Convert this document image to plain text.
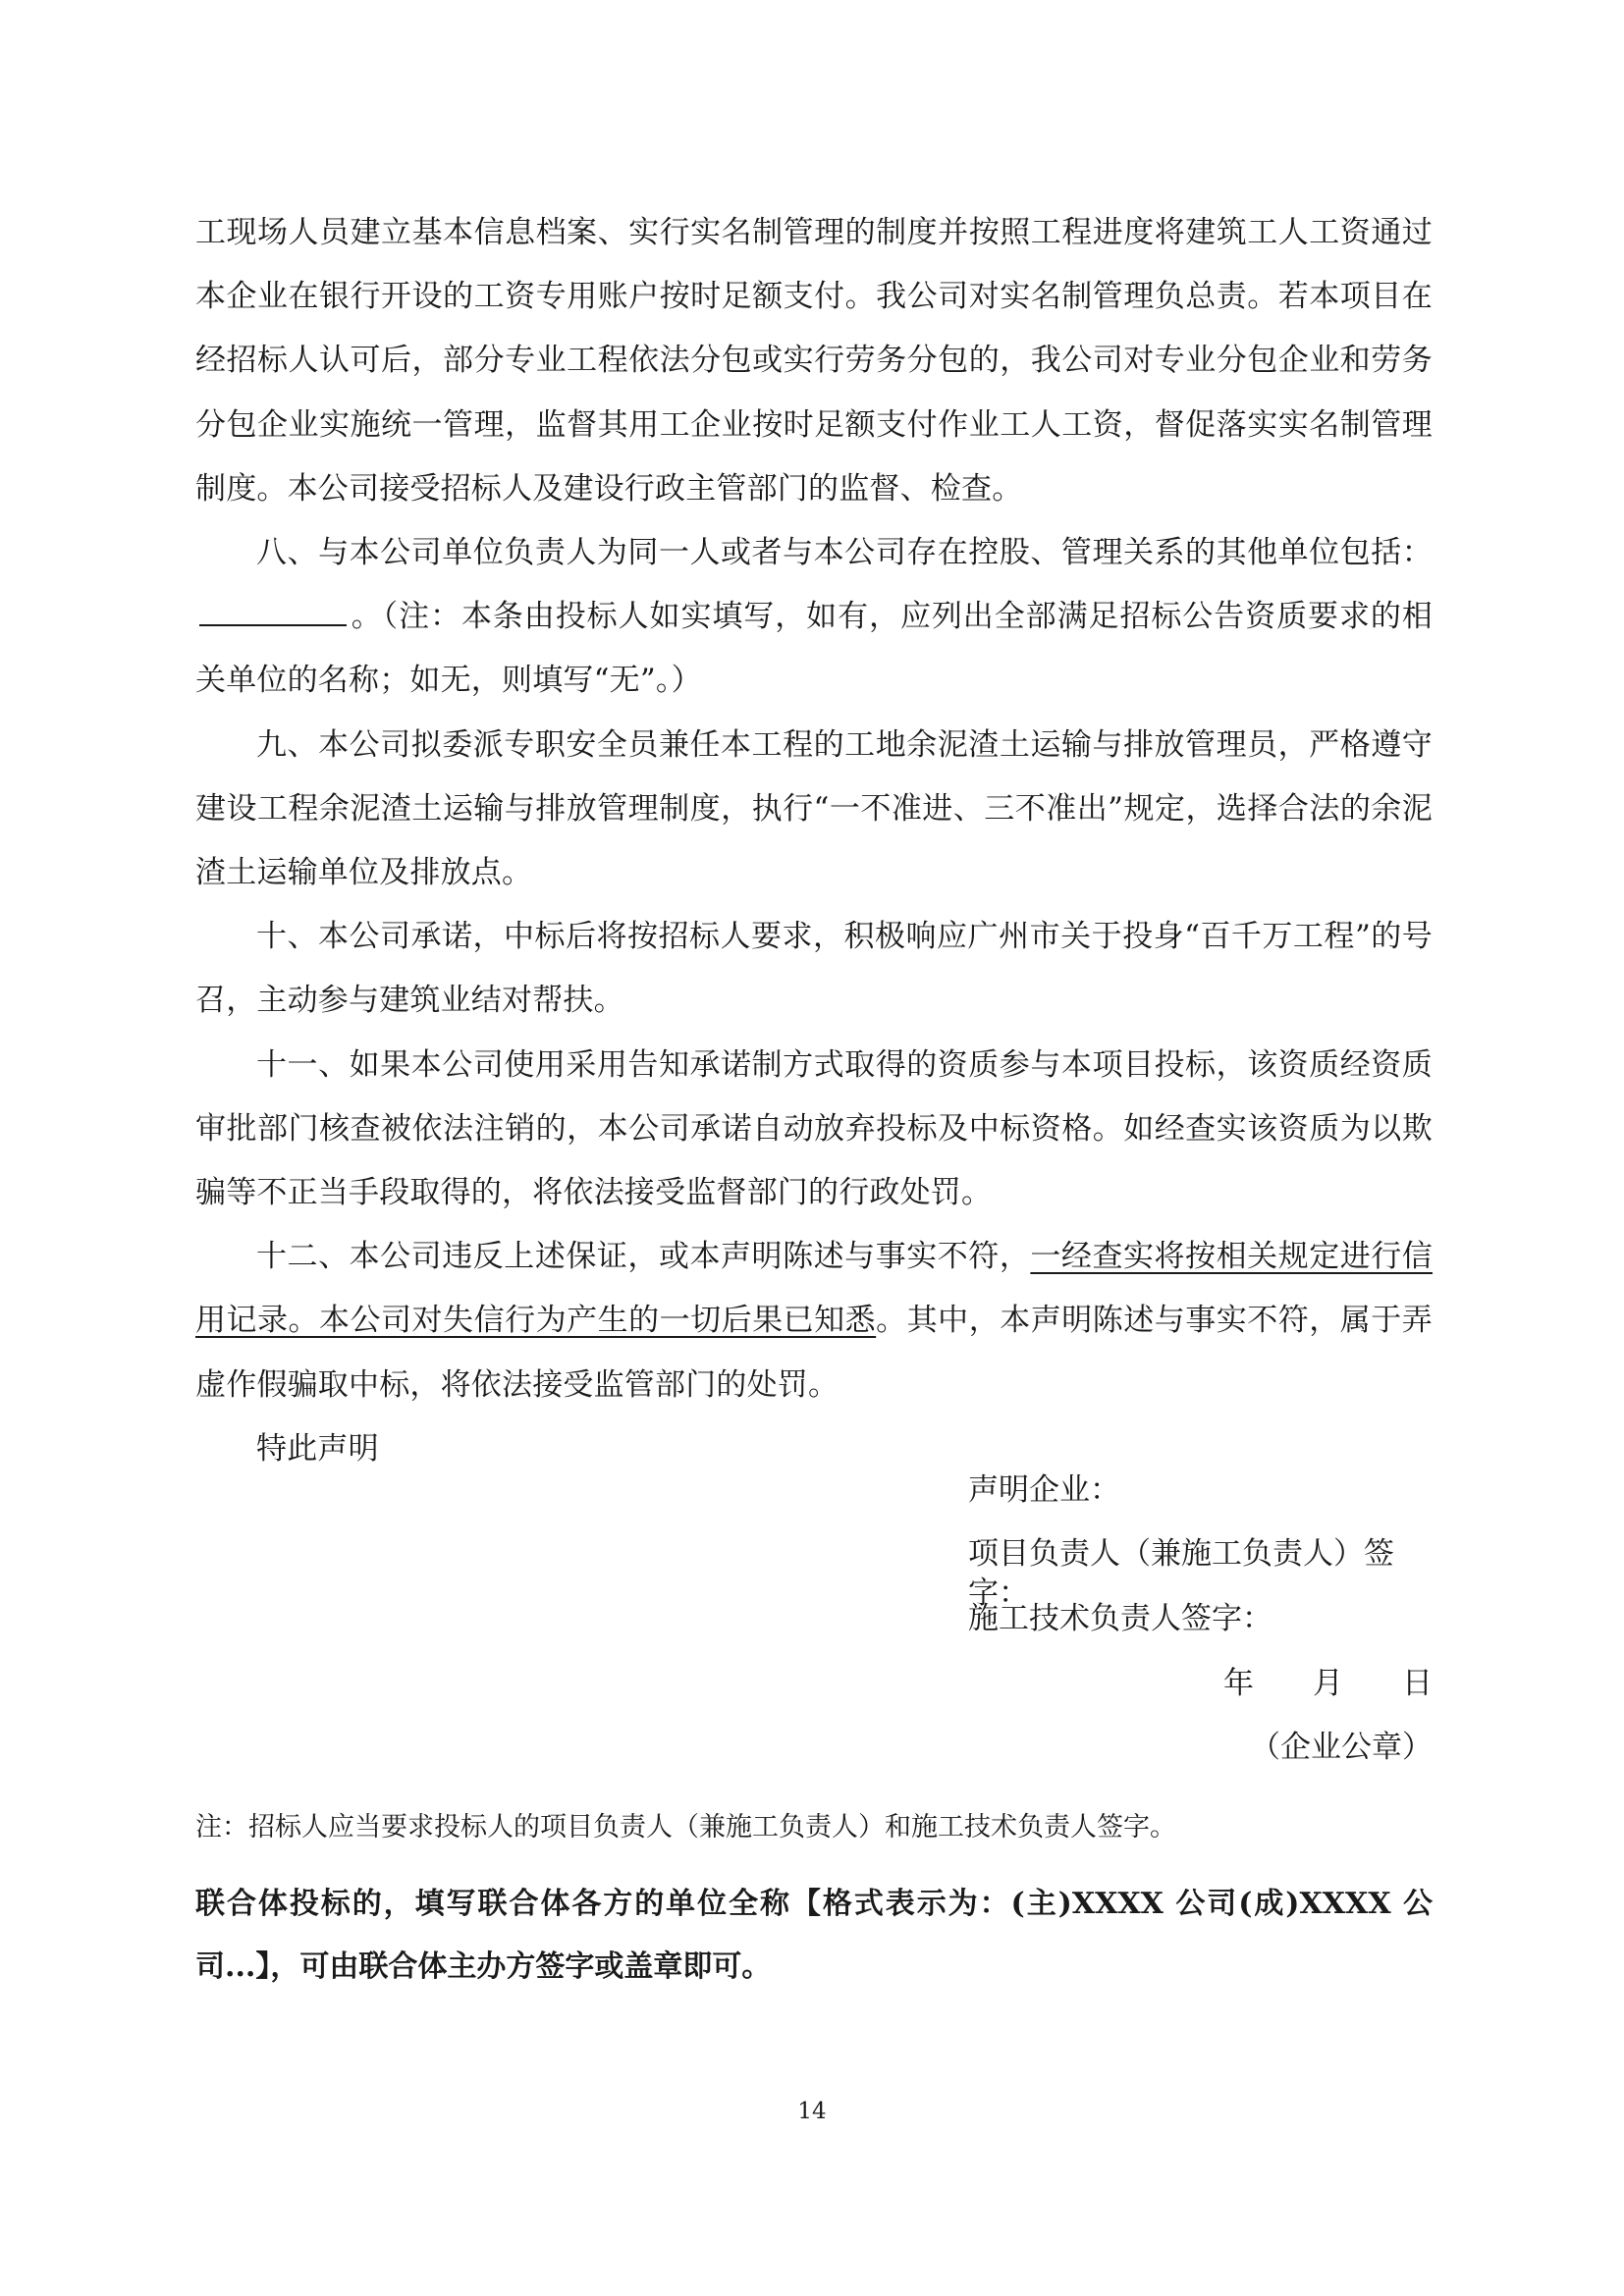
工现场人员建立基本信息档案、实行实名制管理的制度并按照工程进度将建筑工人工资通过本企业在银行开设的工资专用账户按时足额支付。我公司对实名制管理负总责。若本项目在经招标人认可后，部分专业工程依法分包或实行劳务分包的，我公司对专业分包企业和劳务分包企业实施统一管理，监督其用工企业按时足额支付作业工人工资，督促落实实名制管理制度。本公司接受招标人及建设行政主管部门的监督、检查。

八、与本公司单位负责人为同一人或者与本公司存在控股、管理关系的其他单位包括：。（注：本条由投标人如实填写，如有，应列出全部满足招标公告资质要求的相关单位的名称；如无，则填写“无”。）

九、本公司拟委派专职安全员兼任本工程的工地余泥渣土运输与排放管理员，严格遵守建设工程余泥渣土运输与排放管理制度，执行“一不准进、三不准出”规定，选择合法的余泥渣土运输单位及排放点。

十、本公司承诺，中标后将按招标人要求，积极响应广州市关于投身“百千万工程”的号召，主动参与建筑业结对帮扶。

十一、如果本公司使用采用告知承诺制方式取得的资质参与本项目投标，该资质经资质审批部门核查被依法注销的，本公司承诺自动放弃投标及中标资格。如经查实该资质为以欺骗等不正当手段取得的，将依法接受监督部门的行政处罚。

十二、本公司违反上述保证，或本声明陈述与事实不符，一经查实将按相关规定进行信用记录。本公司对失信行为产生的一切后果已知悉。其中，本声明陈述与事实不符，属于弄虚作假骗取中标，将依法接受监管部门的处罚。

特此声明

声明企业：

项目负责人（兼施工负责人）签字：

施工技术负责人签字：

年 月 日

（企业公章）

注：招标人应当要求投标人的项目负责人（兼施工负责人）和施工技术负责人签字。

联合体投标的，填写联合体各方的单位全称【格式表示为：(主)XXXX 公司(成)XXXX 公司...】，可由联合体主办方签字或盖章即可。

14
